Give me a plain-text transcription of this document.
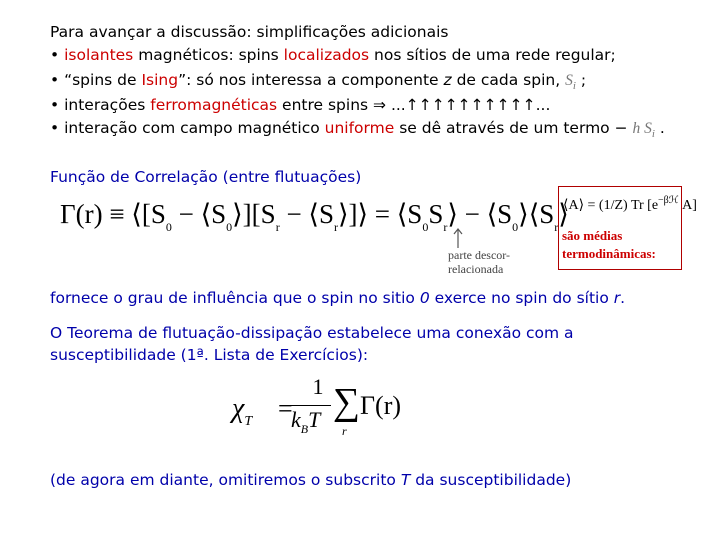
Para avançar a discussão: simplificações adicionais
• isolantes magnéticos: spins localizados nos sítios de uma rede regular;
• “spins de Ising”: só nos interessa a componente z de cada spin, $S_i$ ;
• interações ferromagnéticas entre spins ⇒ ...↑↑↑↑↑↑↑↑↑↑...
• interação com campo magnético uniforme se dê através de um termo − h $S_i$ .
Função de Correlação (entre flutuações)
$\Gamma(r) \equiv ⟨[S_0$ − $⟨S_0⟩][S_r$ − $⟨S_r⟩]⟩$ = $⟨S_0S_r⟩$ − $⟨S_0⟩⟨S_r⟩$
parte descor-
relacionada
⟨A⟩ = (1/Z) Tr [$e^{-\beta ℋ}$ A]
são médias
termodinâmicas:
fornece o grau de influência que o spin no sitio 0 exerce no spin do sítio r.
O Teorema de flutuação-dissipação estabelece uma conexão com a
susceptibilidade (1ª. Lista de Exercícios):
$\chi_T$ =
1
$k_BT$ ∑
r
Γ(r)
(de agora em diante, omitiremos o subscrito T da susceptibilidade)
